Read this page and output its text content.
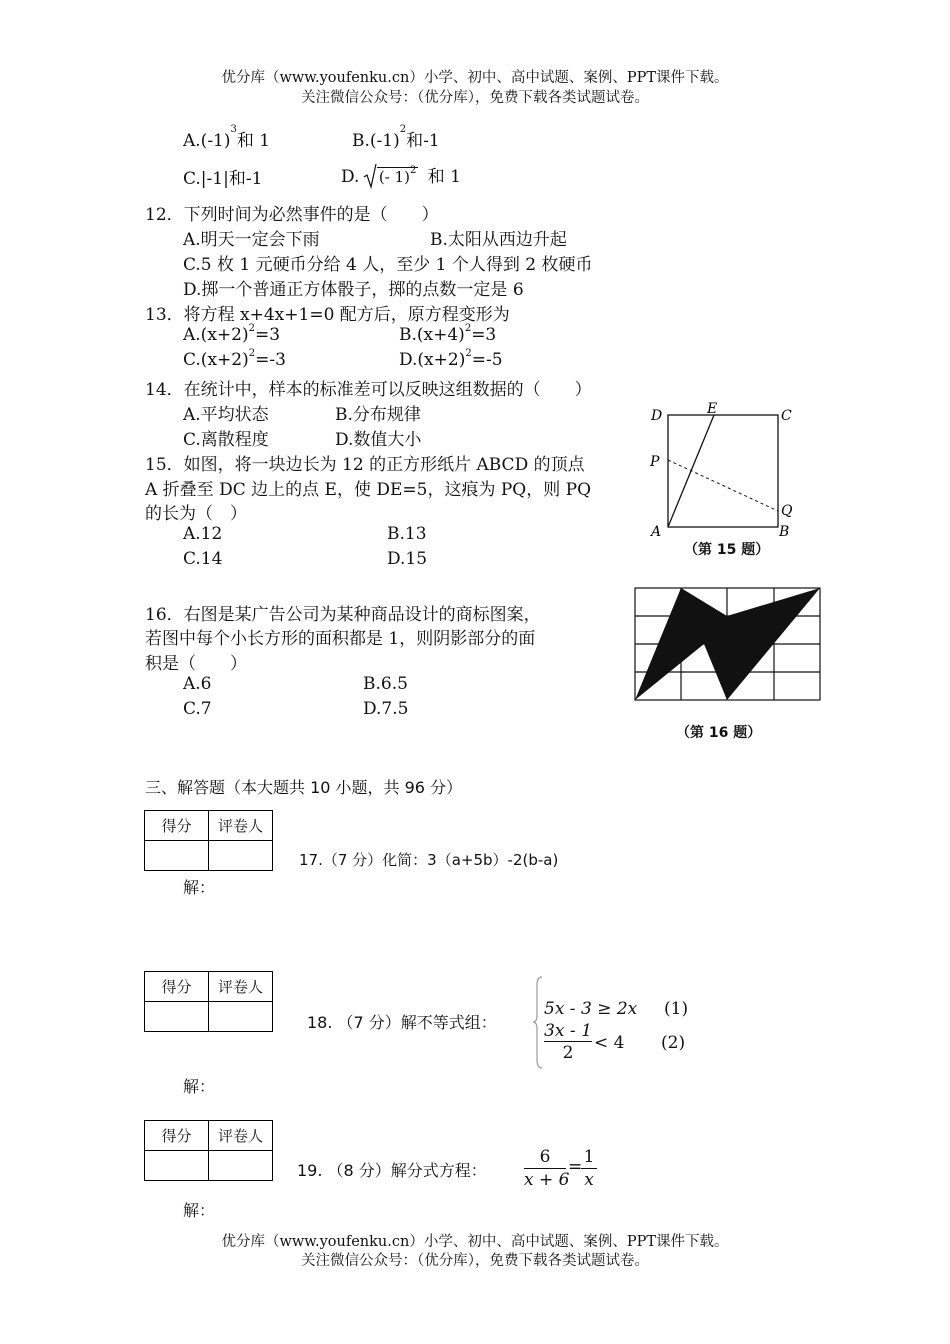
优分库（www.youfenku.cn）小学、初中、高中试题、案例、PPT课件下载。
关注微信公众号：（优分库），免费下载各类试题试卷。
$A.(-1)^3$和 1	$B.(-1)^2$和-1
C.|-1|和-1	D. (- 1)$^2$ 和 1
12．下列时间为必然事件的是（　　）
A.明天一定会下雨	B.太阳从西边升起
C.5 枚 1 元硬币分给 4 人，至少 1 个人得到 2 枚硬币
D.掷一个普通正方体骰子，掷的点数一定是 6
13．将方程 x+4x+1=0 配方后，原方程变形为
$A.(x+2)^2=3$	$B.(x+4)^2=3$
$C.(x+2)^2=-3$	$D.(x+2)^2=-5$
14．在统计中，样本的标准差可以反映这组数据的（　　）
A.平均状态	B.分布规律
C.离散程度	D.数值大小
15．如图，将一块边长为 12 的正方形纸片 ABCD 的顶点
A 折叠至 DC 边上的点 E，使 DE=5，这痕为 PQ，则 PQ
的长为（　）
A.12	B.13
C.14	D.15
D	E	C
P
Q
A	B
（第 15 题）
16．右图是某广告公司为某种商品设计的商标图案，
若图中每个小长方形的面积都是 1，则阴影部分的面
积是（　　）
A.6	B.6.5
C.7	D.7.5
（第 16 题）
三、解答题（本大题共 10 小题，共 96 分）
得分	评卷人

17.（7 分）化简：3（a+5b）-2(b-a)
解：
得分	评卷人

18. （7 分）解不等式组：
5x - 3 ≥ 2x (1)
3x - 1
2	< 4 (2)
解：
得分	评卷人

19. （8 分）解分式方程：
6
x + 6
= 1
x
解：
优分库（www.youfenku.cn）小学、初中、高中试题、案例、PPT课件下载。
关注微信公众号：（优分库），免费下载各类试题试卷。
